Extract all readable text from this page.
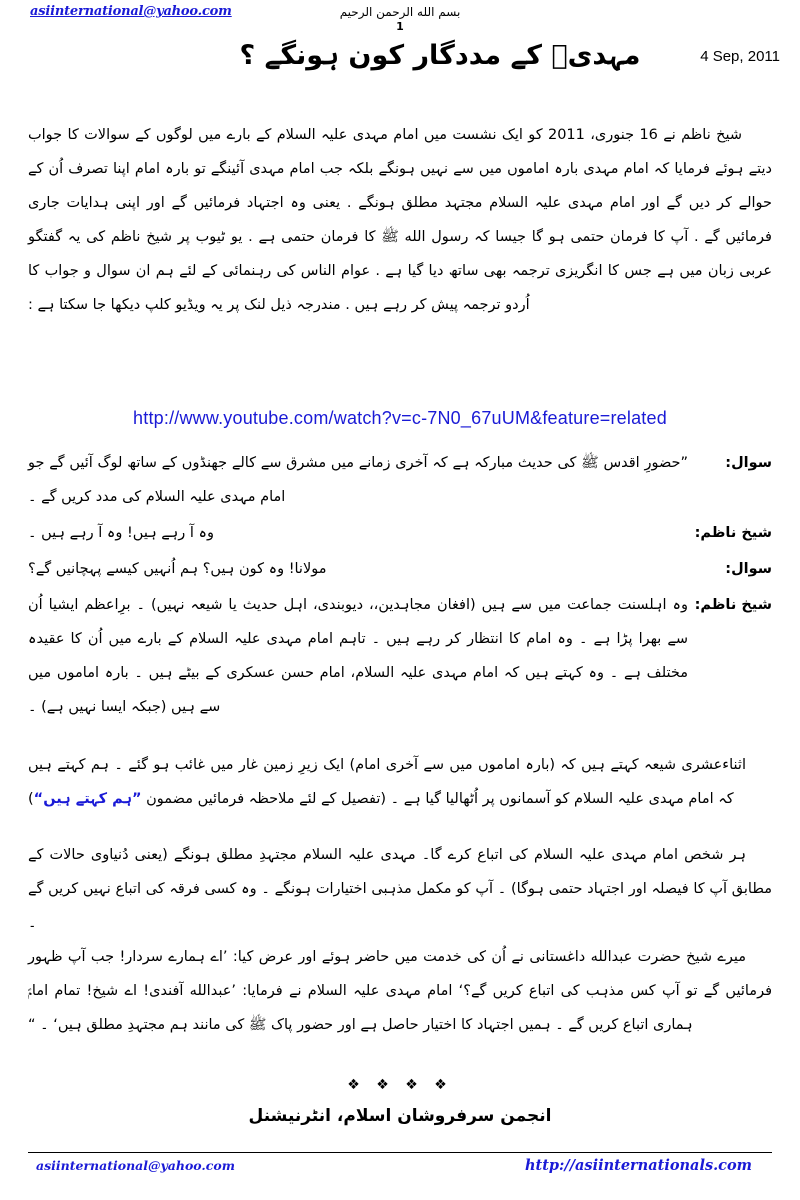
asiinternational@yahoo.com	بسم الله الرحمن الرحيم
1
مہدیؑ کے مددگار کون ہونگے ؟	4 Sep, 2011
شیخ ناظم نے 16 جنوری، 2011 کو ایک نشست میں امام مہدی علیہ السلام کے بارے میں لوگوں کے سوالات کا جواب دیتے ہوئے فرمایا کہ امام مہدی بارہ اماموں میں سے نہیں ہونگے بلکہ جب امام مہدی آئینگے تو بارہ امام اپنا تصرف اُن کے حوالے کر دیں گے اور امام مہدی علیہ السلام مجتہد مطلق ہونگے . یعنی وہ اجتہاد فرمائیں گے اور اپنی ہدایات جاری فرمائیں گے . آپ کا فرمان حتمی ہو گا جیسا کہ رسول الله ﷺ کا فرمان حتمی ہے . یو ٹیوب پر شیخ ناظم کی یہ گفتگو عربی زبان میں ہے جس کا انگریزی ترجمہ بھی ساتھ دیا گیا ہے . عوام الناس کی رہنمائی کے لئے ہم ان سوال و جواب کا اُردو ترجمہ پیش کر رہے ہیں . مندرجہ ذیل لنک پر یہ ویڈیو کلپ دیکھا جا سکتا ہے :
http://www.youtube.com/watch?v=c-7N0_67uUM&feature=related
سوال:
”حضورِ اقدس ﷺ کی حدیث مبارکہ ہے کہ آخری زمانے میں مشرق سے کالے جھنڈوں کے ساتھ لوگ آئیں گے جو امام مہدی علیہ السلام کی مدد کریں گے ۔
شیخ ناظم:
وہ آ رہے ہیں! وہ آ رہے ہیں ۔
سوال:
مولانا! وہ کون ہیں؟ ہم اُنہیں کیسے پہچانیں گے؟
شیخ ناظم:
وہ اہلسنت جماعت میں سے ہیں (افغان مجاہدین،، دیوبندی، اہل حدیث یا شیعہ نہیں) ۔ برِاعظم ایشیا اُن سے بھرا پڑا ہے ۔ وہ امام کا انتظار کر رہے ہیں ۔ تاہم امام مہدی علیہ السلام کے بارے میں اُن کا عقیدہ مختلف ہے ۔ وہ کہتے ہیں کہ امام مہدی علیہ السلام، امام حسن عسکری کے بیٹے ہیں ۔ بارہ اماموں میں سے ہیں (جبکہ ایسا نہیں ہے) ۔
اثناءعشری شیعہ کہتے ہیں کہ (بارہ اماموں میں سے آخری امام) ایک زیرِ زمین غار میں غائب ہو گئے ۔ ہم کہتے ہیں کہ امام مہدی علیہ السلام کو آسمانوں پر اُٹھالیا گیا ہے ۔ (تفصیل کے لئے ملاحظہ فرمائیں مضمون ”ہم کہتے ہیں“)
ہر شخص امام مہدی علیہ السلام کی اتباع کرے گا۔ مہدی علیہ السلام مجتہدِ مطلق ہونگے (یعنی دُنیاوی حالات کے مطابق آپ کا فیصلہ اور اجتہاد حتمی ہوگا) ۔ آپ کو مکمل مذہبی اختیارات ہونگے ۔ وہ کسی فرقہ کی اتباع نہیں کریں گے ۔
میرے شیخ حضرت عبدالله داغستانی نے اُن کی خدمت میں حاضر ہوئے اور عرض کیا: ’اے ہمارے سردار! جب آپ ظہور فرمائیں گے تو آپ کس مذہب کی اتباع کریں گے؟‘ امام مہدی علیہ السلام نے فرمایا: ’عبدالله آفندی! اے شیخ! تمام امامؑ ہماری اتباع کریں گے ۔ ہمیں اجتہاد کا اختیار حاصل ہے اور حضور پاک ﷺ کی مانند ہم مجتہدِ مطلق ہیں‘ ۔ “
❖ ❖ ❖ ❖
انجمن سرفروشان اسلام، انٹرنیشنل
asiinternational@yahoo.com	http://asiinternationals.com
